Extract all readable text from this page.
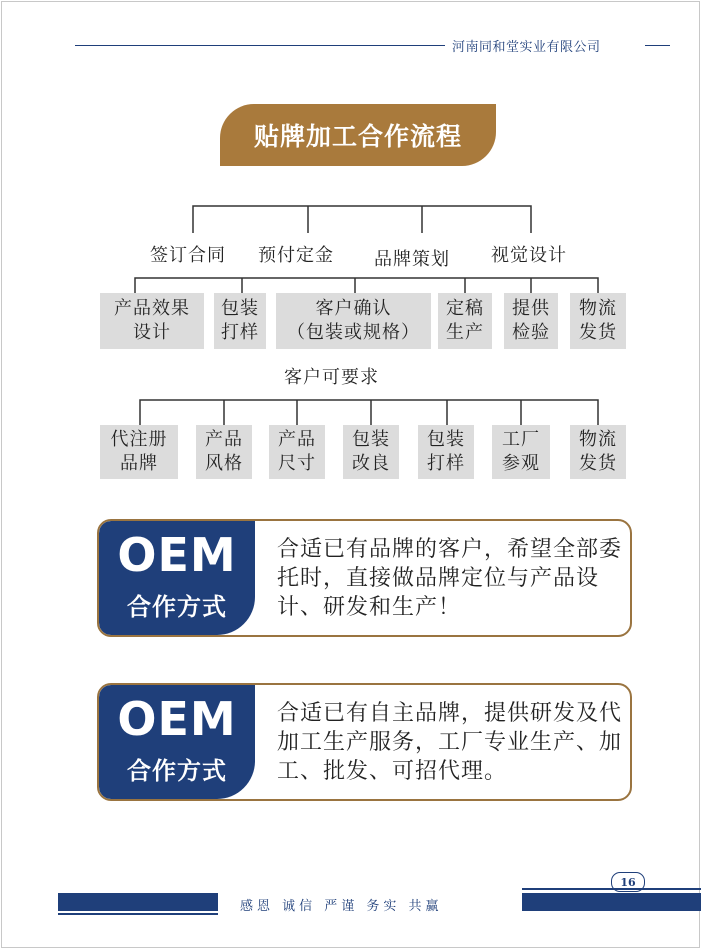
河南同和堂实业有限公司
贴牌加工合作流程
签订合同 预付定金 品牌策划 视觉设计
产品效果
设计
包装
打样
客户确认
（包装或规格）
定稿
生产
提供
检验
物流
发货
客户可要求
代注册
品牌
产品
风格
产品
尺寸
包装
改良
包装
打样
工厂
参观
物流
发货
OEM
合作方式
合适已有品牌的客户，希望全部委托时，直接做品牌定位与产品设计、研发和生产！
OEM
合作方式
合适已有自主品牌，提供研发及代加工生产服务，工厂专业生产、加工、批发、可招代理。
16
感恩 诚信 严谨 务实 共赢
